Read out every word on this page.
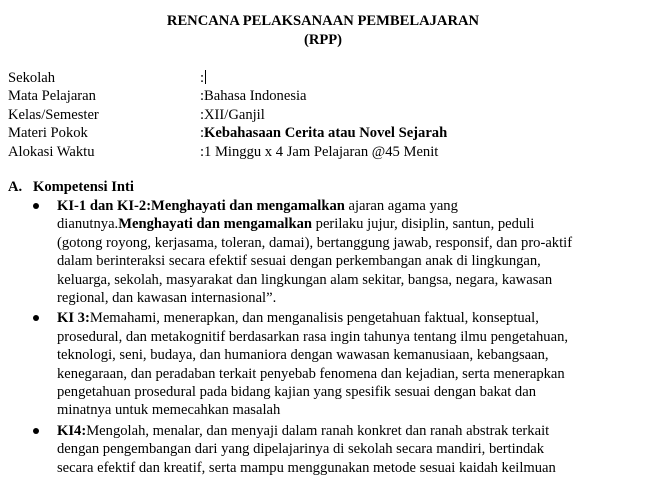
RENCANA PELAKSANAAN PEMBELAJARAN
(RPP)
Sekolah	:
Mata Pelajaran	: Bahasa Indonesia
Kelas/Semester	: XII/Ganjil
Materi Pokok	: Kebahasaan Cerita atau Novel Sejarah
Alokasi Waktu	: 1 Minggu x 4 Jam Pelajaran @45 Menit
A. Kompetensi Inti
KI-1 dan KI-2:Menghayati dan mengamalkan ajaran agama yang
dianutnya.Menghayati dan mengamalkan perilaku jujur, disiplin, santun, peduli
(gotong royong, kerjasama, toleran, damai), bertanggung jawab, responsif, dan pro-aktif
dalam berinteraksi secara efektif sesuai dengan perkembangan anak di lingkungan,
keluarga, sekolah, masyarakat dan lingkungan alam sekitar, bangsa, negara, kawasan
regional, dan kawasan internasional”.
KI 3:Memahami, menerapkan, dan menganalisis pengetahuan faktual, konseptual,
prosedural, dan metakognitif berdasarkan rasa ingin tahunya tentang ilmu pengetahuan,
teknologi, seni, budaya, dan humaniora dengan wawasan kemanusiaan, kebangsaan,
kenegaraan, dan peradaban terkait penyebab fenomena dan kejadian, serta menerapkan
pengetahuan prosedural pada bidang kajian yang spesifik sesuai dengan bakat dan
minatnya untuk memecahkan masalah
KI4:Mengolah, menalar, dan menyaji dalam ranah konkret dan ranah abstrak terkait
dengan pengembangan dari yang dipelajarinya di sekolah secara mandiri, bertindak
secara efektif dan kreatif, serta mampu menggunakan metode sesuai kaidah keilmuan
